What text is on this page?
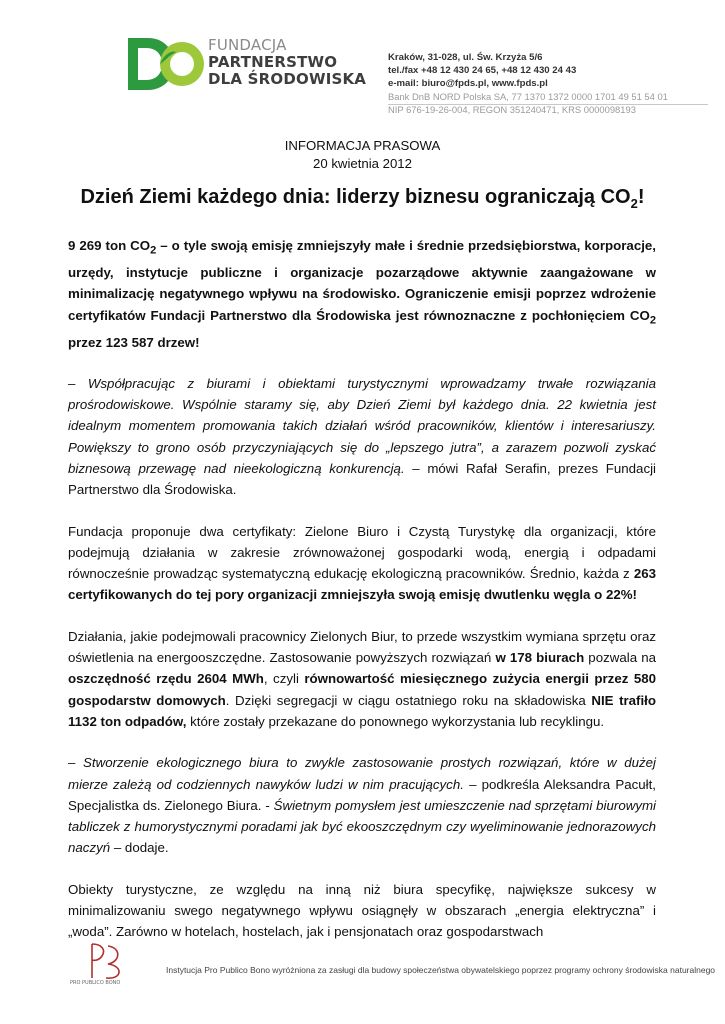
FUNDACJA
PARTNERSTWO
DLA ŚRODOWISKA
Kraków, 31-028, ul. Św. Krzyża 5/6
tel./fax +48 12 430 24 65, +48 12 430 24 43
e-mail: biuro@fpds.pl, www.fpds.pl
Bank DnB NORD Polska SA, 77 1370 1372 0000 1701 49 51 54 01
NIP 676-19-26-004, REGON 351240471, KRS 0000098193
INFORMACJA PRASOWA
20 kwietnia 2012
Dzień Ziemi każdego dnia: liderzy biznesu ograniczają $CO_2$!

9 269 ton $CO_2$ – o tyle swoją emisję zmniejszyły małe i średnie przedsiębiorstwa, korporacje, urzędy, instytucje publiczne i organizacje pozarządowe aktywnie zaangażowane w minimalizację negatywnego wpływu na środowisko. Ograniczenie emisji poprzez wdrożenie certyfikatów Fundacji Partnerstwo dla Środowiska jest równoznaczne z pochłonięciem $CO_2$ przez 123 587 drzew!

– Współpracując z biurami i obiektami turystycznymi wprowadzamy trwałe rozwiązania prośrodowiskowe. Wspólnie staramy się, aby Dzień Ziemi był każdego dnia. 22 kwietnia jest idealnym momentem promowania takich działań wśród pracowników, klientów i interesariuszy. Powiększy to grono osób przyczyniających się do „lepszego jutra”, a zarazem pozwoli zyskać biznesową przewagę nad nieekologiczną konkurencją. – mówi Rafał Serafin, prezes Fundacji Partnerstwo dla Środowiska.

Fundacja proponuje dwa certyfikaty: Zielone Biuro i Czystą Turystykę dla organizacji, które podejmują działania w zakresie zrównoważonej gospodarki wodą, energią i odpadami równocześnie prowadząc systematyczną edukację ekologiczną pracowników. Średnio, każda z 263 certyfikowanych do tej pory organizacji zmniejszyła swoją emisję dwutlenku węgla o 22%!

Działania, jakie podejmowali pracownicy Zielonych Biur, to przede wszystkim wymiana sprzętu oraz oświetlenia na energooszczędne. Zastosowanie powyższych rozwiązań w 178 biurach pozwala na oszczędność rzędu 2604 MWh, czyli równowartość miesięcznego zużycia energii przez 580 gospodarstw domowych. Dzięki segregacji w ciągu ostatniego roku na składowiska NIE trafiło 1132 ton odpadów, które zostały przekazane do ponownego wykorzystania lub recyklingu.

– Stworzenie ekologicznego biura to zwykle zastosowanie prostych rozwiązań, które w dużej mierze zależą od codziennych nawyków ludzi w nim pracujących. – podkreśla Aleksandra Pacułt, Specjalistka ds. Zielonego Biura. - Świetnym pomysłem jest umieszczenie nad sprzętami biurowymi tabliczek z humorystycznymi poradami jak być ekooszczędnym czy wyeliminowanie jednorazowych naczyń – dodaje.

Obiekty turystyczne, ze względu na inną niż biura specyfikę, największe sukcesy w minimalizowaniu swego negatywnego wpływu osiągnęły w obszarach „energia elektryczna” i „woda”. Zarówno w hotelach, hostelach, jak i pensjonatach oraz gospodarstwach

PRO PUBLICO BONO
Instytucja Pro Publico Bono wyróżniona za zasługi dla budowy społeczeństwa obywatelskiego poprzez programy ochrony środowiska naturalnego
